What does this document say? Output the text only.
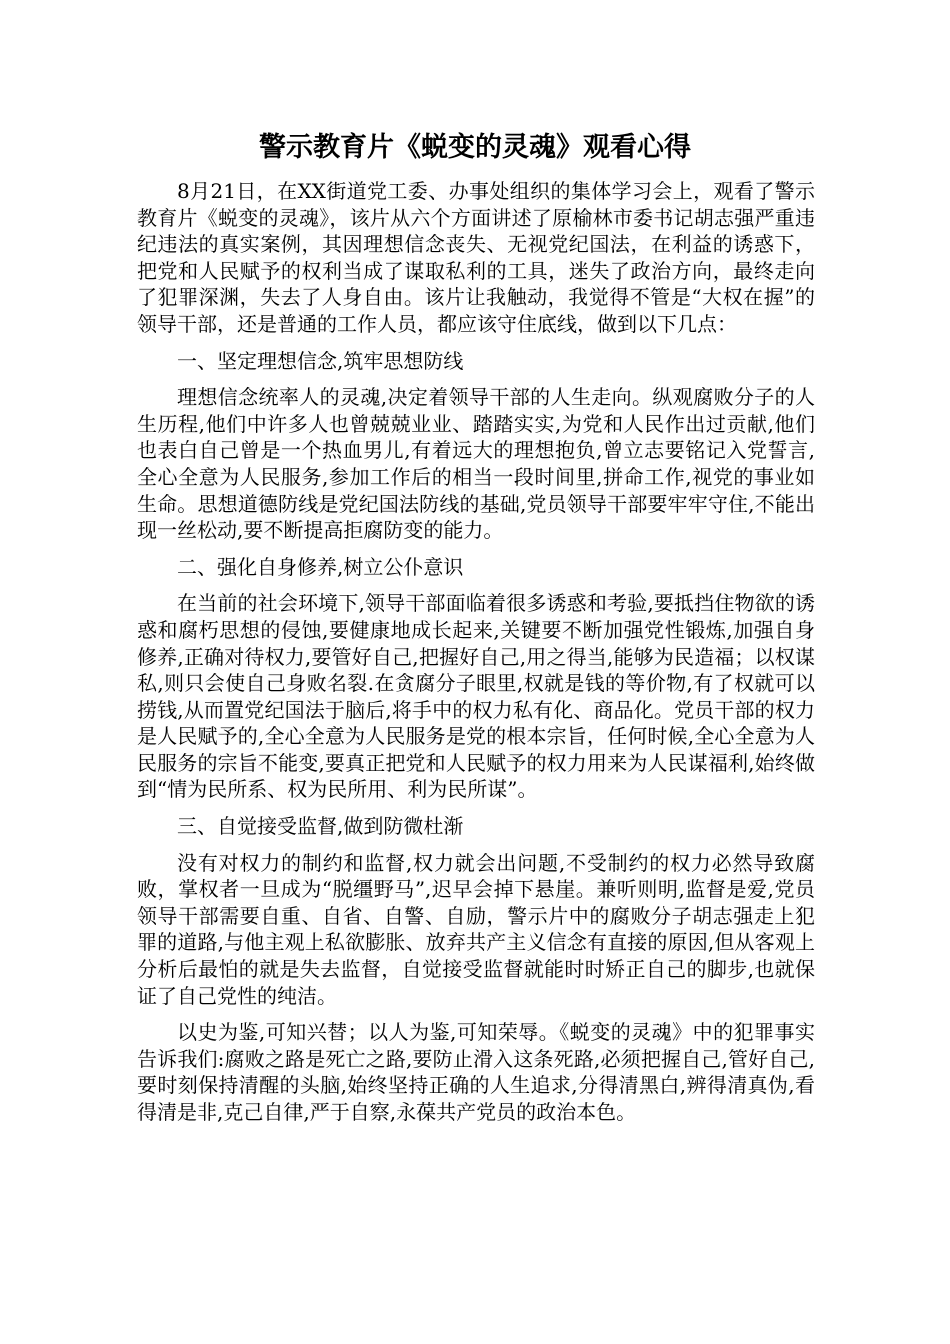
警示教育片《蜕变的灵魂》观看心得

8月21日，在XX街道党工委、办事处组织的集体学习会上，观看了警示教育片《蜕变的灵魂》，该片从六个方面讲述了原榆林市委书记胡志强严重违纪违法的真实案例，其因理想信念丧失、无视党纪国法，在利益的诱惑下，把党和人民赋予的权利当成了谋取私利的工具，迷失了政治方向，最终走向了犯罪深渊，失去了人身自由。该片让我触动，我觉得不管是“大权在握”的领导干部，还是普通的工作人员，都应该守住底线，做到以下几点：

一、坚定理想信念,筑牢思想防线

理想信念统率人的灵魂,决定着领导干部的人生走向。纵观腐败分子的人生历程,他们中许多人也曾兢兢业业、踏踏实实,为党和人民作出过贡献,他们也表白自己曾是一个热血男儿,有着远大的理想抱负,曾立志要铭记入党誓言,全心全意为人民服务,参加工作后的相当一段时间里,拼命工作,视党的事业如生命。思想道德防线是党纪国法防线的基础,党员领导干部要牢牢守住,不能出现一丝松动,要不断提高拒腐防变的能力。

二、强化自身修养,树立公仆意识

在当前的社会环境下,领导干部面临着很多诱惑和考验,要抵挡住物欲的诱惑和腐朽思想的侵蚀,要健康地成长起来,关键要不断加强党性锻炼,加强自身修养,正确对待权力,要管好自己,把握好自己,用之得当,能够为民造福；以权谋私,则只会使自己身败名裂.在贪腐分子眼里,权就是钱的等价物,有了权就可以捞钱,从而置党纪国法于脑后,将手中的权力私有化、商品化。党员干部的权力是人民赋予的,全心全意为人民服务是党的根本宗旨，任何时候,全心全意为人民服务的宗旨不能变,要真正把党和人民赋予的权力用来为人民谋福利,始终做到“情为民所系、权为民所用、利为民所谋”。

三、自觉接受监督,做到防微杜渐

没有对权力的制约和监督,权力就会出问题,不受制约的权力必然导致腐败，掌权者一旦成为“脱缰野马”,迟早会掉下悬崖。兼听则明,监督是爱,党员领导干部需要自重、自省、自警、自励，警示片中的腐败分子胡志强走上犯罪的道路,与他主观上私欲膨胀、放弃共产主义信念有直接的原因,但从客观上分析后最怕的就是失去监督，自觉接受监督就能时时矫正自己的脚步,也就保证了自己党性的纯洁。

以史为鉴,可知兴替；以人为鉴,可知荣辱。《蜕变的灵魂》中的犯罪事实告诉我们:腐败之路是死亡之路,要防止滑入这条死路,必须把握自己,管好自己,要时刻保持清醒的头脑,始终坚持正确的人生追求,分得清黑白,辨得清真伪,看得清是非,克己自律,严于自察,永葆共产党员的政治本色。
